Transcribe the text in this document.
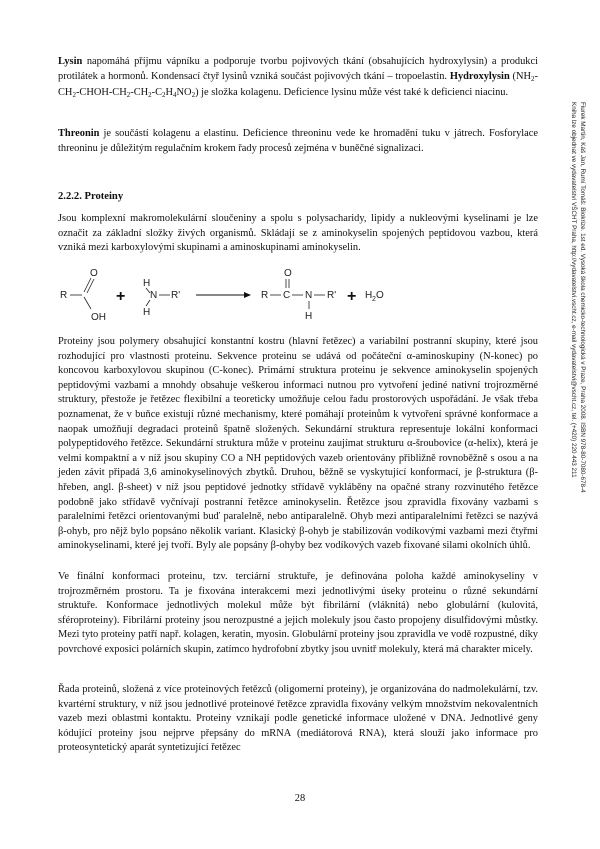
Fiurek Martin, Káš Jan, Rumí Tomáš: Biokrize. 1st ed. Vysoká škola chemicko-technologická v Praze, Praha 2008. ISBN 978-80-7080-678-4
Kniha lze objednat ve vydavatelství VŠCHT Praha, http://vydavatelstvi.vscht.cz, e-mail vydavatelstvi@vscht.cz, tel. (+420) 220 443 211

Lysin napomáhá příjmu vápníku a podporuje tvorbu pojivových tkání (obsahujících hydroxylysin) a produkci protilátek a hormonů. Kondensací čtyř lysinů vzniká součást pojivových tkání – tropoelastin. Hydroxylysin $(NH_2-CH_2-CHOH-CH_2-CH_2-C_2H_4NO_2)$ je složka kolagenu. Deficience lysinu může vést také k deficienci niacinu.

Threonin je součástí kolagenu a elastinu. Deficience threoninu vede ke hromadění tuku v játrech. Fosforylace threoninu je důležitým regulačním krokem řady procesů zejména v buněčné signalizaci.

2.2.2. Proteiny

Jsou komplexní makromolekulární sloučeniny a spolu s polysacharidy, lipidy a nukleovými kyselinami je lze označit za základní složky živých organismů. Skládají se z aminokyselin spojených peptidovou vazbou, která vzniká mezi karboxylovými skupinami a aminoskupinami aminokyselin.

R
O
OH
+
H
N
H
R'	R C
O
N
H
R' + H 2 O

Proteiny jsou polymery obsahující konstantní kostru (hlavní řetězec) a variabilní postranní skupiny, které jsou rozhodující pro vlastnosti proteinu. Sekvence proteinu se udává od počáteční α-aminoskupiny (N-konec) po koncovou karboxylovou skupinou (C-konec). Primární struktura proteinu je sekvence aminokyselin spojených peptidovými vazbami a mnohdy obsahuje veškerou informaci nutnou pro vytvoření jediné nativní trojrozměrné struktury, přestože je řetězec flexibilní a teoreticky umožňuje celou řadu prostorových uspořádání. Je však třeba poznamenat, že v buňce existují různé mechanismy, které pomáhají proteinům k vytvoření správné konformace a naopak umožňují degradaci proteinů špatně složených. Sekundární struktura representuje lokální konformaci polypeptidového řetězce. Sekundární struktura může v proteinu zaujímat strukturu α-šroubovice (α-helix), která je velmi kompaktní a v níž jsou skupiny CO a NH peptidových vazeb orientovány přibližně rovnoběžně s osou a na jeden závit připadá 3,6 aminokyselinových zbytků. Druhou, běžně se vyskytující konformací, je β-struktura (β-hřeben, angl. β-sheet) v níž jsou peptidové jednotky střídavě vykláběny na opačné strany rozvinutého řetězce podobně jako střídavě vyčnívají postranní řetězce aminokyselin. Řetězce jsou zpravidla fixovány vazbami s paralelními řetězci orientovanými buď paralelně, nebo antiparalelně. Ohyb mezi antiparalelními řetězci se nazývá β-ohyb, pro nějž bylo popsáno několik variant. Klasický β-ohyb je stabilizován vodíkovými vazbami mezi čtyřmi aminokyselinami, které jej tvoří. Byly ale popsány β-ohyby bez vodíkových vazeb fixované silami okolních úhlů.

Ve finální konformaci proteinu, tzv. terciární struktuře, je definována poloha každé aminokyseliny v trojrozměrném prostoru. Ta je fixována interakcemi mezi jednotlivými úseky proteinu o různé sekundární struktuře. Konformace jednotlivých molekul může být fibrilární (vláknitá) nebo globulární (kulovitá, sféroproteiny). Fibrilární proteiny jsou nerozpustné a jejich molekuly jsou často propojeny disulfidovými můstky. Mezi tyto proteiny patří např. kolagen, keratin, myosin. Globulární proteiny jsou zpravidla ve vodě rozpustné, díky povrchové exposici polárních skupin, zatímco hydrofobní zbytky jsou uvnitř molekuly, která má charakter micely.

Řada proteinů, složená z více proteinových řetězců (oligomerní proteiny), je organizována do nadmolekulární, tzv. kvartérní struktury, v níž jsou jednotlivé proteinové řetězce zpravidla fixovány velkým množstvím nekovalentních vazeb mezi oblastmi kontaktu. Proteiny vznikají podle genetické informace uložené v DNA. Jednotlivé geny kódující proteiny jsou nejprve přepsány do mRNA (mediátorová RNA), která slouží jako informace pro proteosyntetický aparát syntetizující řetězec

28
